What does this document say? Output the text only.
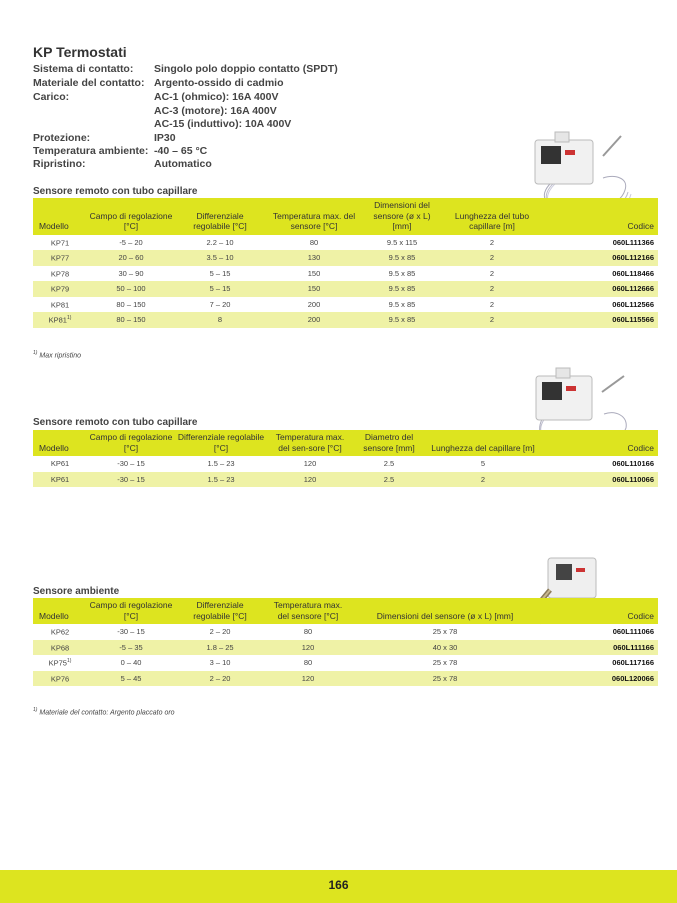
KP Termostati
Sistema di contatto: Singolo polo doppio contatto (SPDT)
Materiale del contatto: Argento-ossido di cadmio
Carico:	AC-1 (ohmico): 16A 400V
AC-3 (motore): 16A 400V
AC-15 (induttivo): 10A 400V
Protezione:	IP30
Temperatura ambiente: -40 – 65 °C
Ripristino:	Automatico
Sensore remoto con tubo capillare
Modello	Campo di regolazione [°C]	Differenziale regolabile [°C]	Temperatura max. del sensore [°C]	Dimensioni del sensore (ø x L) [mm]	Lunghezza del tubo capillare [m]	Codice
KP71	-5 – 20	2.2 – 10	80	9.5 x 115	2	060L111366
KP77	20 – 60	3.5 – 10	130	9.5 x 85	2	060L112166
KP78	30 – 90	5 – 15	150	9.5 x 85	2	060L118466
KP79	50 – 100	5 – 15	150	9.5 x 85	2	060L112666
KP81	80 – 150	7 – 20	200	9.5 x 85	2	060L112566
KP81$^{1)}$	80 – 150	8	200	9.5 x 85	2	060L115566
$^{1)}$ Max ripristino
Sensore remoto con tubo capillare
Modello	Campo di regolazione [°C]	Differenziale regolabile [°C]	Temperatura max. del sen-sore [°C]	Diametro del sensore [mm]	Lunghezza del capillare [m]	Codice
KP61	-30 – 15	1.5 – 23	120	2.5	5	060L110166
KP61	-30 – 15	1.5 – 23	120	2.5	2	060L110066
Sensore ambiente
Modello	Campo di regolazione [°C]	Differenziale regolabile [°C]	Temperatura max. del sensore [°C]	Dimensioni del sensore (ø x L) [mm]	Codice
KP62	-30 – 15	2 – 20	80	25 x 78	060L111066
KP68	-5 – 35	1.8 – 25	120	40 x 30	060L111166
KP75$^{1)}$	0 – 40	3 – 10	80	25 x 78	060L117166
KP76	5 – 45	2 – 20	120	25 x 78	060L120066
$^{1)}$ Materiale del contatto: Argento placcato oro
166
